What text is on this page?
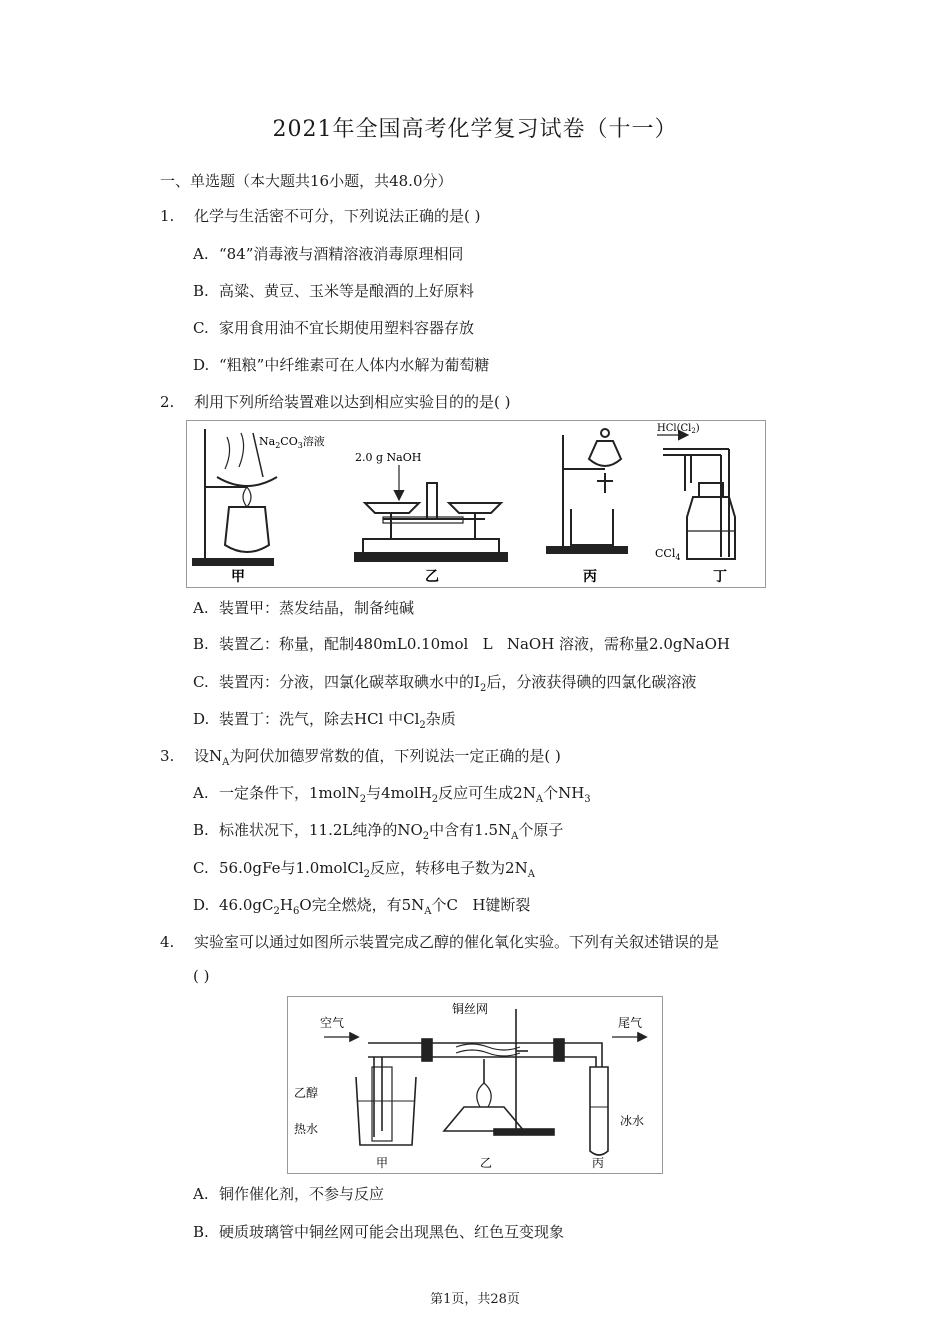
2021年全国高考化学复习试卷（十一）
一、单选题（本大题共16小题，共48.0分）
1. 化学与生活密不可分，下列说法正确的是( )
A. “84”消毒液与酒精溶液消毒原理相同
B. 高粱、黄豆、玉米等是酿酒的上好原料
C. 家用食用油不宜长期使用塑料容器存放
D. “粗粮”中纤维素可在人体内水解为葡萄糖
2. 利用下列所给装置难以达到相应实验目的的是( )
$Na_2CO_3$溶液
2.0 g NaOH
$HCl(Cl_2)$
CCl$_4$
甲	乙	丙	丁
A. 装置甲：蒸发结晶，制备纯碱
B. 装置乙：称量，配制480mL0.10mol   L   NaOH 溶液，需称量2.0gNaOH
C. 装置丙：分液，四氯化碳萃取碘水中的$I_2$后，分液获得碘的四氯化碳溶液
D. 装置丁：洗气，除去HCl 中$Cl_2$杂质
3. 设$N_A$为阿伏加德罗常数的值，下列说法一定正确的是( )
A. 一定条件下，1molN$_2$与4molH$_2$反应可生成$2N_A$个$NH_3$
B. 标准状况下，11.2L纯净的$NO_2$中含有$1.5N_A$个原子
C. 56.0gFe与1.0molCl$_2$反应，转移电子数为$2N_A$
D. $46.0gC_2H_6O$完全燃烧，有$5N_A$个C   H键断裂
4. 实验室可以通过如图所示装置完成乙醇的催化氧化实验。下列有关叙述错误的是
( )
铜丝网
空气	尾气
乙醇
热水
冰水
甲	乙	丙
A. 铜作催化剂，不参与反应
B. 硬质玻璃管中铜丝网可能会出现黑色、红色互变现象
第1页，共28页
